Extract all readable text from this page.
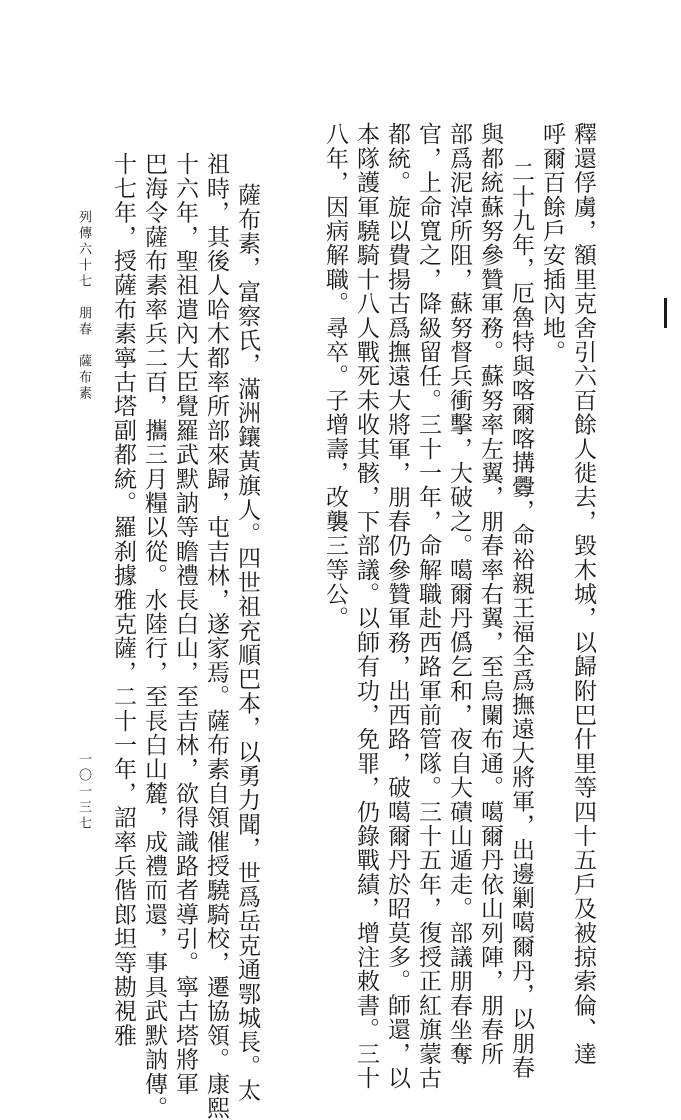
釋還俘虜，額里克舍引六百餘人徙去，毀木城，以歸附巴什里等四十五戶及被掠索倫、達
呼爾百餘戶安插內地。
二十九年，厄魯特與喀爾喀搆釁，命裕親王福全爲撫遠大將軍，出邊剿噶爾丹，以朋春
與都統蘇努參贊軍務。蘇努率左翼，朋春率右翼，至烏闌布通。噶爾丹依山列陣，朋春所
部爲泥淖所阻，蘇努督兵衝擊，大破之。噶爾丹僞乞和，夜自大磧山遁走。部議朋春坐奪
官，上命寬之，降級留任。三十一年，命解職赴西路軍前管隊。三十五年，復授正紅旗蒙古
都統。旋以費揚古爲撫遠大將軍，朋春仍參贊軍務，出西路，破噶爾丹於昭莫多。師還，以
本隊護軍驍騎十八人戰死未收其骸，下部議。以師有功，免罪，仍錄戰績，增注敕書。三十
八年，因病解職。尋卒。子增壽，改襲三等公。
薩布素，富察氏，滿洲鑲黃旗人。四世祖充順巴本，以勇力聞，世爲岳克通鄂城長。太
祖時，其後人哈木都率所部來歸，屯吉林，遂家焉。薩布素自領催授驍騎校，遷協領。康熙
十六年，聖祖遣內大臣覺羅武默訥等瞻禮長白山，至吉林，欲得識路者導引。寧古塔將軍
巴海令薩布素率兵二百，攜三月糧以從。水陸行，至長白山麓，成禮而還，事具武默訥傳。
十七年，授薩布素寧古塔副都統。羅刹據雅克薩，二十一年，詔率兵偕郎坦等勘視雅
列傳六十七　朋春　薩布素
一〇一三七
